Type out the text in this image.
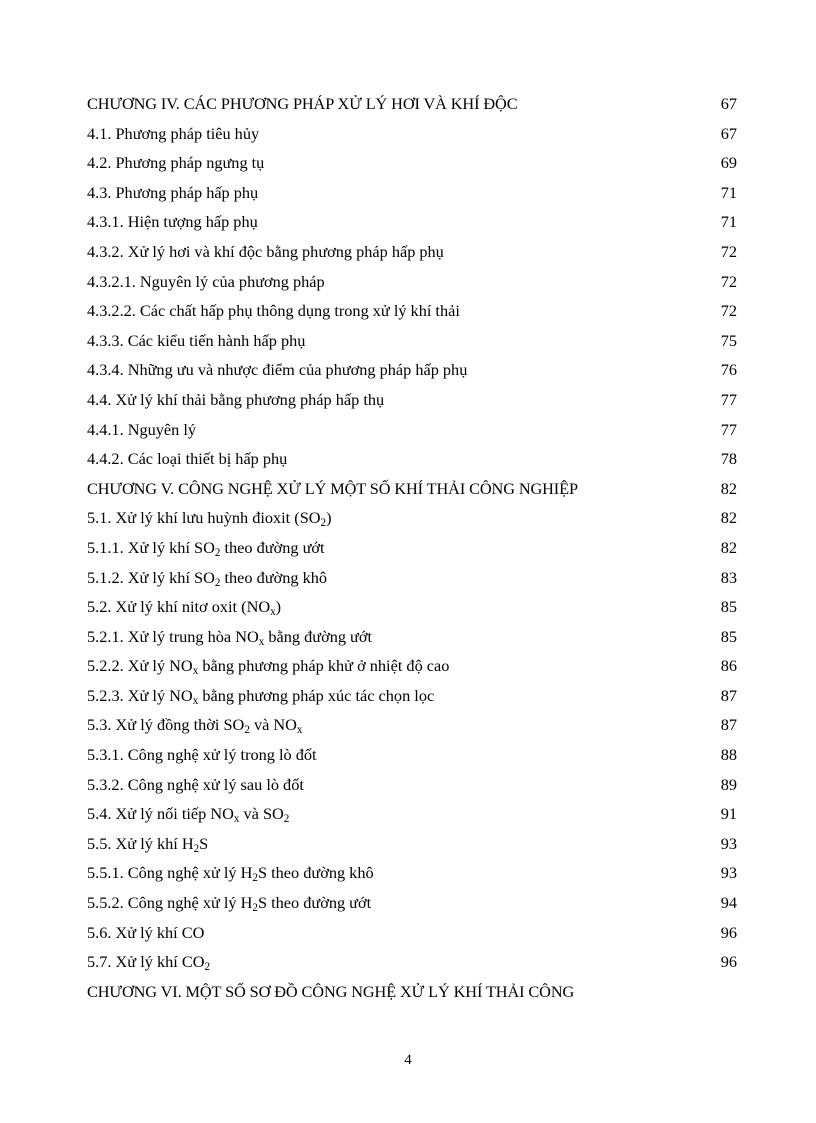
CHƯƠNG IV. CÁC PHƯƠNG PHÁP XỬ LÝ HƠI VÀ KHÍ ĐỘC	67
4.1. Phương pháp tiêu hủy	67
4.2. Phương pháp ngưng tụ	69
4.3. Phương pháp hấp phụ	71
4.3.1. Hiện tượng hấp phụ	71
4.3.2. Xử lý hơi và khí độc bằng phương pháp hấp phụ	72
4.3.2.1. Nguyên lý của phương pháp	72
4.3.2.2. Các chất hấp phụ thông dụng trong xử lý khí thải	72
4.3.3. Các kiểu tiến hành hấp phụ	75
4.3.4. Những ưu và nhược điểm của phương pháp hấp phụ	76
4.4. Xử lý khí thải bằng phương pháp hấp thụ	77
4.4.1. Nguyên lý	77
4.4.2. Các loại thiết bị hấp phụ	78
CHƯƠNG V. CÔNG NGHỆ XỬ LÝ MỘT SỐ KHÍ THẢI CÔNG NGHIỆP	82
5.1. Xử lý khí lưu huỳnh đioxit $(SO_2)$	82
5.1.1. Xử lý khí $SO_2$ theo đường ướt	82
5.1.2. Xử lý khí $SO_2$ theo đường khô	83
5.2. Xử lý khí nitơ oxit $(NO_x)$	85
5.2.1. Xử lý trung hòa $NO_x$ bằng đường ướt	85
5.2.2. Xử lý $NO_x$ bằng phương pháp khử ở nhiệt độ cao	86
5.2.3. Xử lý $NO_x$ bằng phương pháp xúc tác chọn lọc	87
5.3. Xử lý đồng thời $SO_2$ và $NO_x$	87
5.3.1. Công nghệ xử lý trong lò đốt	88
5.3.2. Công nghệ xử lý sau lò đốt	89
5.4. Xử lý nối tiếp $NO_x$ và $SO_2$	91
5.5. Xử lý khí $H_2S$	93
5.5.1. Công nghệ xử lý $H_2S$ theo đường khô	93
5.5.2. Công nghệ xử lý $H_2S$ theo đường ướt	94
5.6. Xử lý khí CO	96
5.7. Xử lý khí $CO_2$	96
CHƯƠNG VI. MỘT SỐ SƠ ĐỒ CÔNG NGHỆ XỬ LÝ KHÍ THẢI CÔNG
4
